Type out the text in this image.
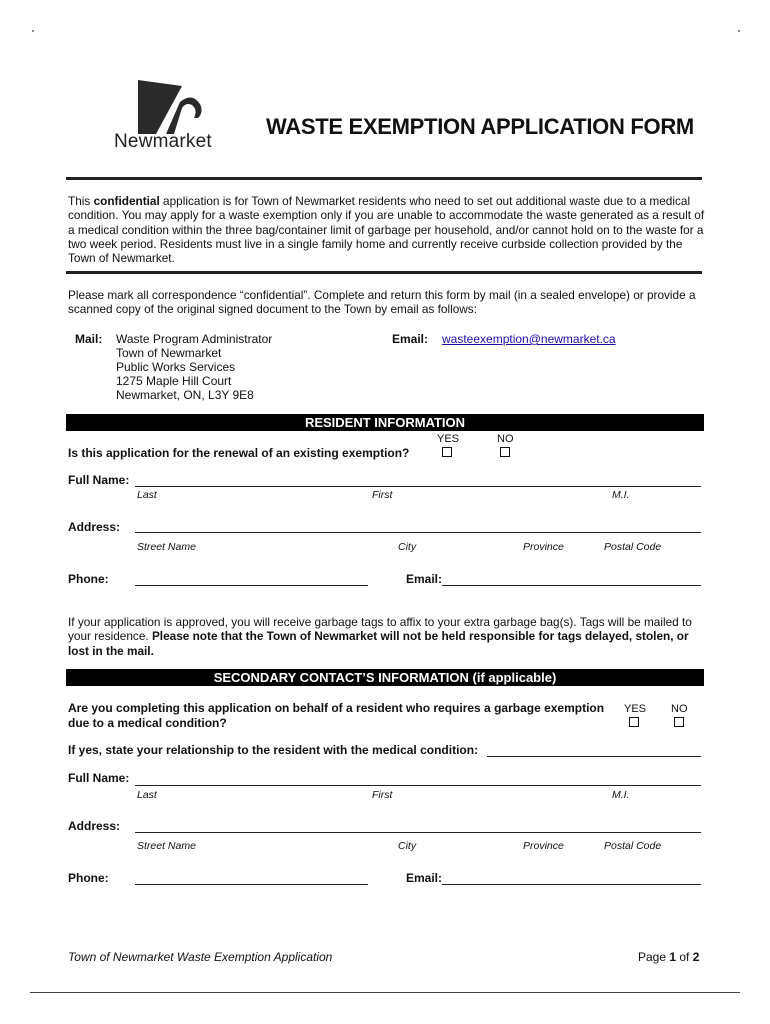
Newmarket
WASTE EXEMPTION APPLICATION FORM
This confidential application is for Town of Newmarket residents who need to set out additional waste due to a medical condition. You may apply for a waste exemption only if you are unable to accommodate the waste generated as a result of a medical condition within the three bag/container limit of garbage per household, and/or cannot hold on to the waste for a two week period. Residents must live in a single family home and currently receive curbside collection provided by the Town of Newmarket.
Please mark all correspondence “confidential”. Complete and return this form by mail (in a sealed envelope) or provide a scanned copy of the original signed document to the Town by email as follows:
Mail: Waste Program Administrator
Town of Newmarket
Public Works Services
1275 Maple Hill Court
Newmarket, ON, L3Y 9E8
Email: wasteexemption@newmarket.ca
RESIDENT INFORMATION
YES	NO
Is this application for the renewal of an existing exemption?
Full Name:
Last	First	M.I.
Address:
Street Name	City	Province	Postal Code
Phone:	Email:
If your application is approved, you will receive garbage tags to affix to your extra garbage bag(s). Tags will be mailed to your residence. Please note that the Town of Newmarket will not be held responsible for tags delayed, stolen, or lost in the mail.
SECONDARY CONTACT’S INFORMATION (if applicable)
Are you completing this application on behalf of a resident who requires a garbage exemption due to a medical condition?
YES NO
If yes, state your relationship to the resident with the medical condition:
Full Name:
Last	First	M.I.
Address:
Street Name	City	Province	Postal Code
Phone:	Email:
Town of Newmarket Waste Exemption Application	Page 1 of 2
